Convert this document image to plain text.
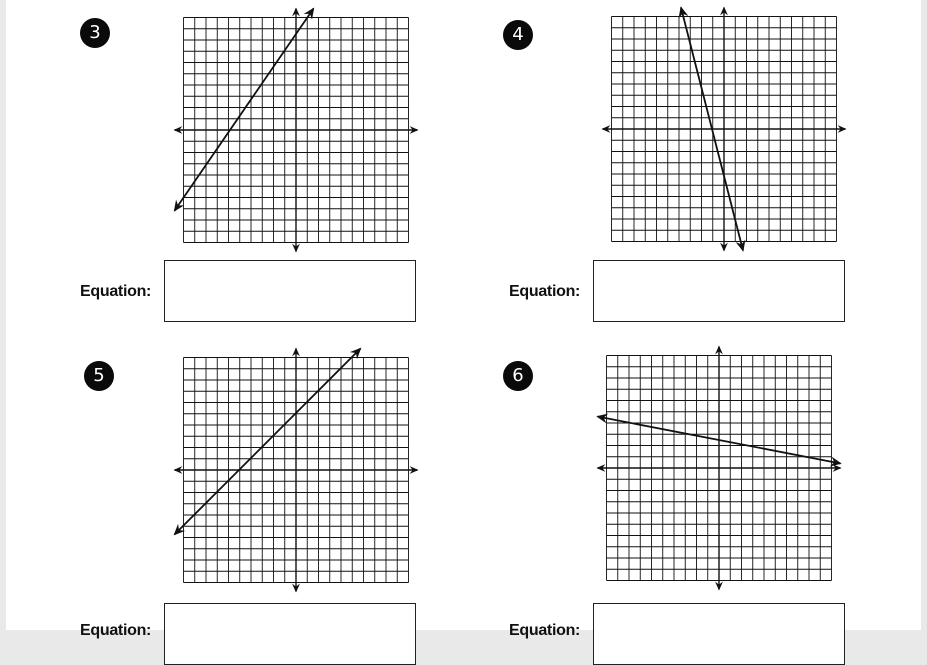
3
Equation:
4
Equation:
5	6
Equation:	Equation:
